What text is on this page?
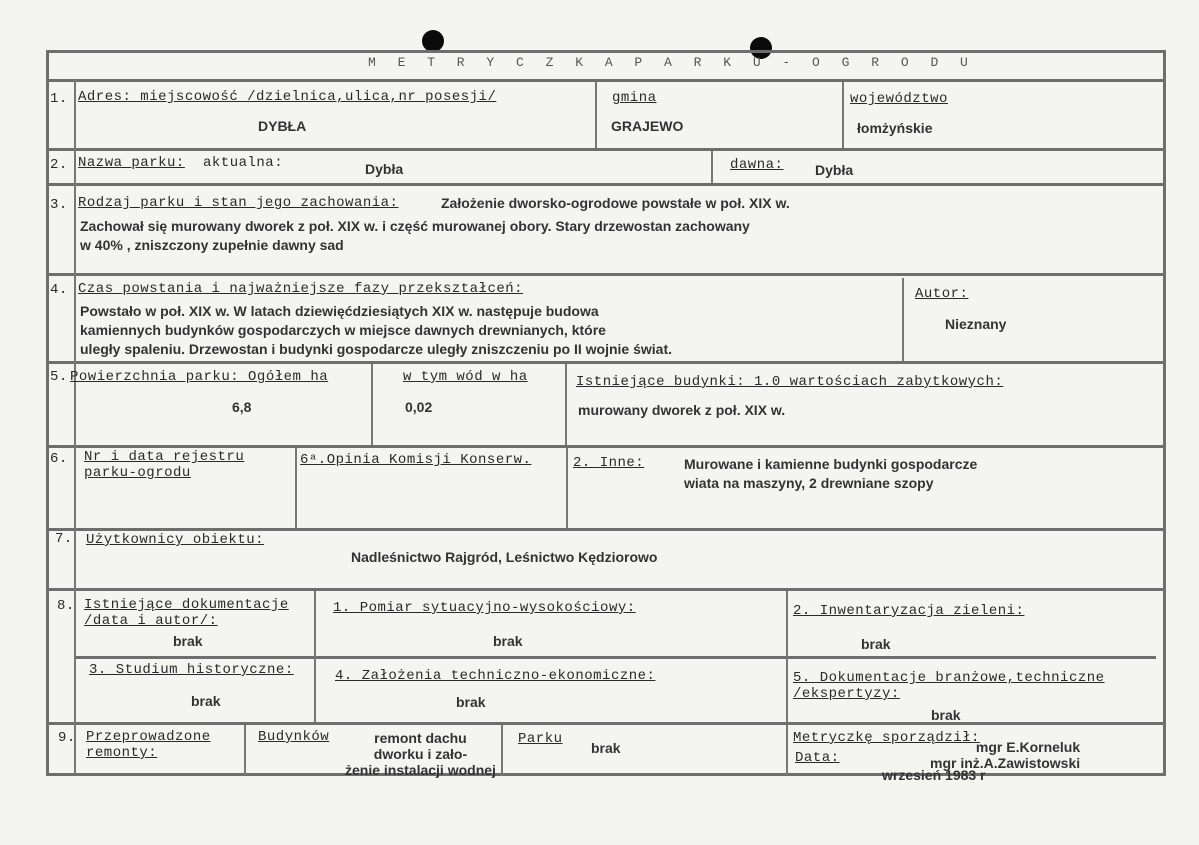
M E T R Y C Z K A P A R K U - O G R O D U
1. Adres: miejscowość /dzielnica,ulica,nr posesji/
DYBŁA
gmina
GRAJEWO
województwo
łomżyńskie
2. Nazwa parku: aktualna:	Dybła	dawna: Dybła
3. Rodzaj parku i stan jego zachowania:	Założenie dworsko-ogrodowe powstałe w poł. XIX w.
Zachował się murowany dworek z poł. XIX w. i część murowanej obory. Stary drzewostan zachowany
w 40% , zniszczony zupełnie dawny sad
4. Czas powstania i najważniejsze fazy przekształceń:
Powstało w poł. XIX w. W latach dziewięćdziesiątych XIX w. następuje budowa
kamiennych budynków gospodarczych w miejsce dawnych drewnianych, które
uległy spaleniu. Drzewostan i budynki gospodarcze uległy zniszczeniu po II wojnie świat.
Autor:
Nieznany
5. Powierzchnia parku: Ogółem ha
6,8
w tym wód w ha
0,02
Istniejące budynki: 1.0 wartościach zabytkowych:
murowany dworek z poł. XIX w.
6. Nr i data rejestru
parku-ogrodu
6ᵃ.Opinia Komisji Konserw.	2. Inne:	Murowane i kamienne budynki gospodarcze
wiata na maszyny, 2 drewniane szopy
7. Użytkownicy obiektu:
Nadleśnictwo Rajgród, Leśnictwo Kędziorowo
8. Istniejące dokumentacje
/data i autor/:
brak
1. Pomiar sytuacyjno-wysokościowy:
brak
2. Inwentaryzacja zieleni:
brak
3. Studium historyczne:
brak
4. Założenia techniczno-ekonomiczne:
brak
5. Dokumentacje branżowe,techniczne
/ekspertyzy:
brak
9. Przeprowadzone
remonty:
Budynków	remont dachu
dworku i zało-
żenie instalacji wodnej
Parku
brak
Metryczkę sporządził:
mgr E.Korneluk
mgr inż.A.Zawistowski
Data:
wrzesień 1983 r
